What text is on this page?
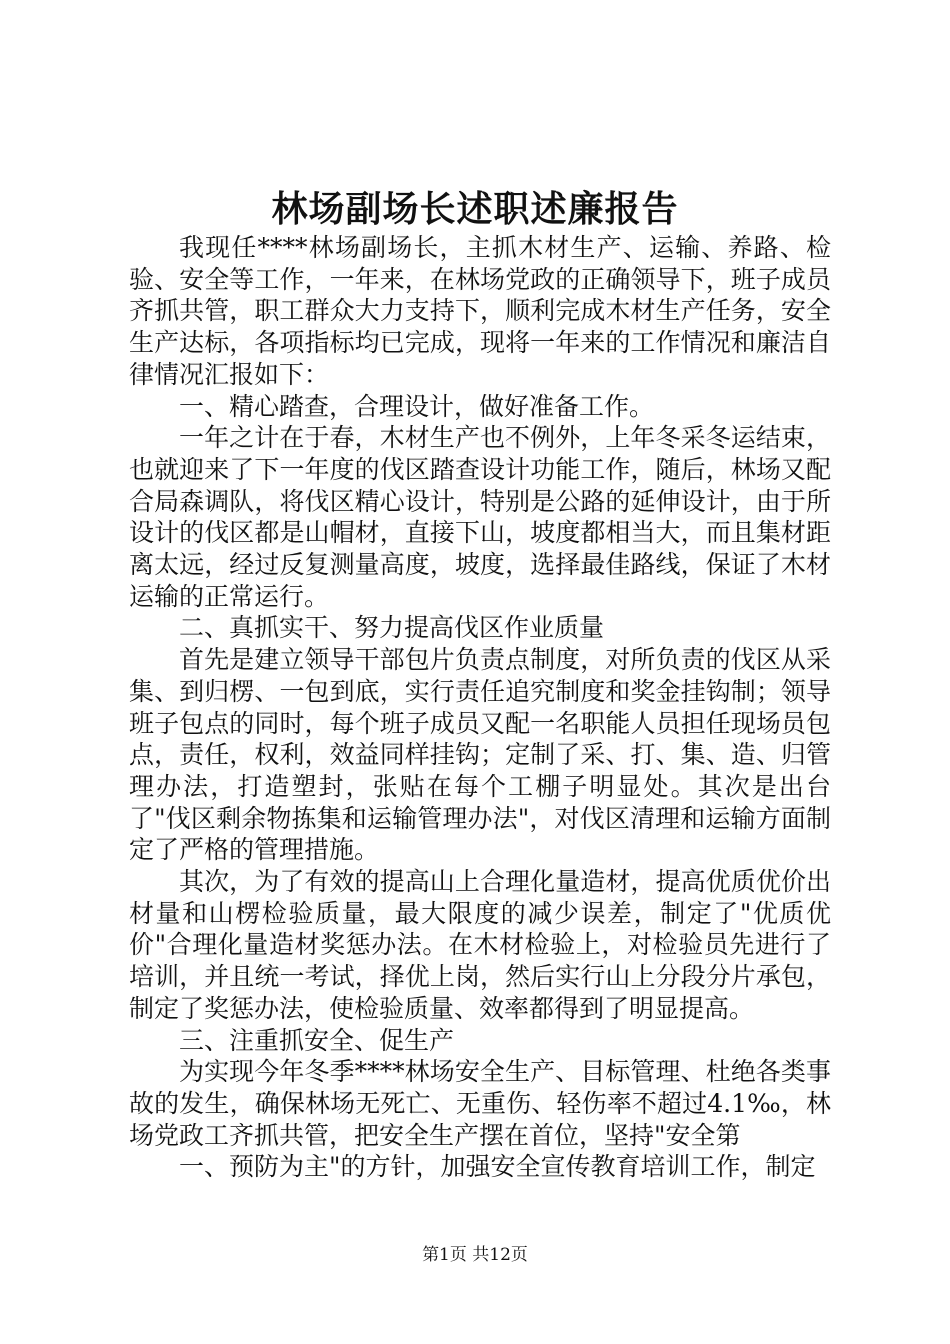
林场副场长述职述廉报告

我现任****林场副场长，主抓木材生产、运输、养路、检验、安全等工作，一年来，在林场党政的正确领导下，班子成员齐抓共管，职工群众大力支持下，顺利完成木材生产任务，安全生产达标，各项指标均已完成，现将一年来的工作情况和廉洁自律情况汇报如下：

一、精心踏查，合理设计，做好准备工作。

一年之计在于春，木材生产也不例外，上年冬采冬运结束，也就迎来了下一年度的伐区踏查设计功能工作，随后，林场又配合局森调队，将伐区精心设计，特别是公路的延伸设计，由于所设计的伐区都是山帽材，直接下山，坡度都相当大，而且集材距离太远，经过反复测量高度，坡度，选择最佳路线，保证了木材运输的正常运行。

二、真抓实干、努力提高伐区作业质量

首先是建立领导干部包片负责点制度，对所负责的伐区从采集、到归楞、一包到底，实行责任追究制度和奖金挂钩制；领导班子包点的同时，每个班子成员又配一名职能人员担任现场员包点，责任，权利，效益同样挂钩；定制了采、打、集、造、归管理办法，打造塑封，张贴在每个工棚子明显处。其次是出台了"伐区剩余物拣集和运输管理办法"，对伐区清理和运输方面制定了严格的管理措施。

其次，为了有效的提高山上合理化量造材，提高优质优价出材量和山楞检验质量，最大限度的减少误差，制定了"优质优价"合理化量造材奖惩办法。在木材检验上，对检验员先进行了培训，并且统一考试，择优上岗，然后实行山上分段分片承包，制定了奖惩办法，使检验质量、效率都得到了明显提高。

三、注重抓安全、促生产

为实现今年冬季****林场安全生产、目标管理、杜绝各类事故的发生，确保林场无死亡、无重伤、轻伤率不超过4.1‰，林场党政工齐抓共管，把安全生产摆在首位，坚持"安全第

一、预防为主"的方针，加强安全宣传教育培训工作，制定

第1页 共12页
